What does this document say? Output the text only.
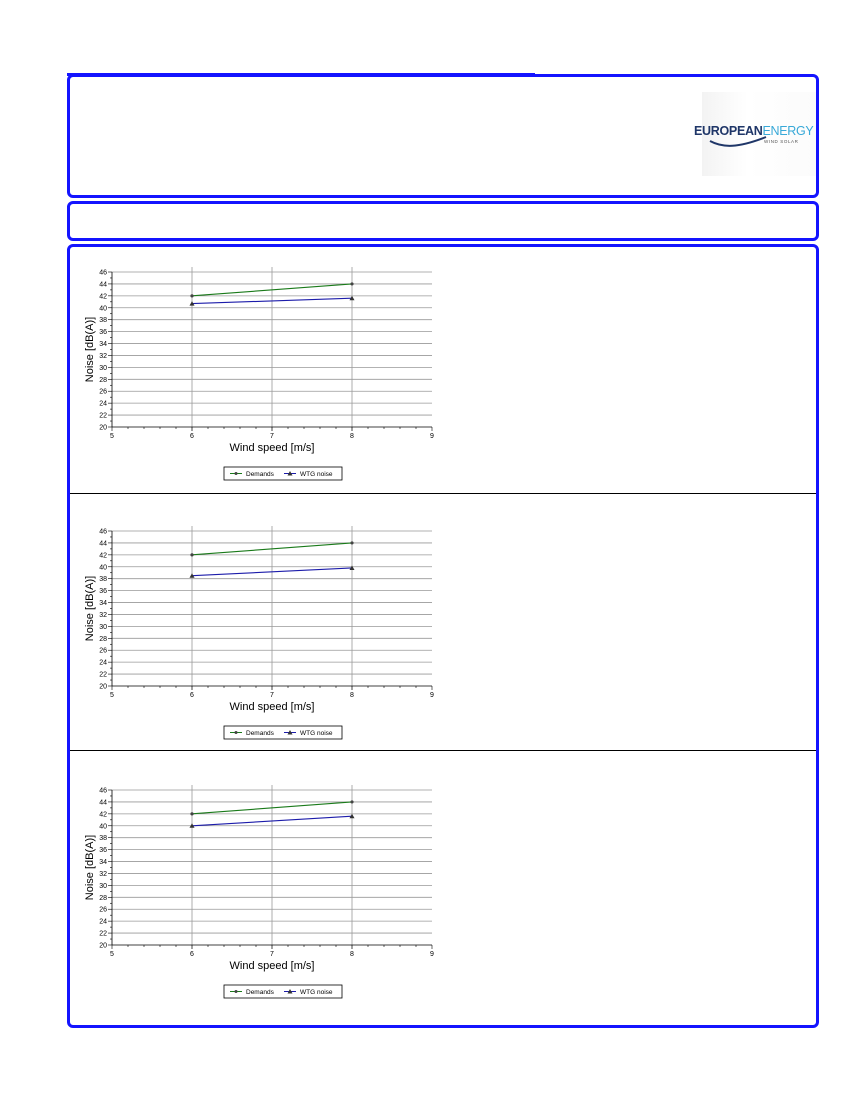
EUROPEANENERGY
WIND SOLAR
20
22
24
26
28
30
32
34
36
38
40
42
44
46
5	6	7	8	9
Wind speed [m/s]
Noise [dB(A)]
Demands	WTG noise
20
22
24
26
28
30
32
34
36
38
40
42
44
46
5	6	7	8	9
Wind speed [m/s]
Noise [dB(A)]
Demands	WTG noise
20
22
24
26
28
30
32
34
36
38
40
42
44
46
5	6	7	8	9
Wind speed [m/s]
Noise [dB(A)]
Demands	WTG noise
